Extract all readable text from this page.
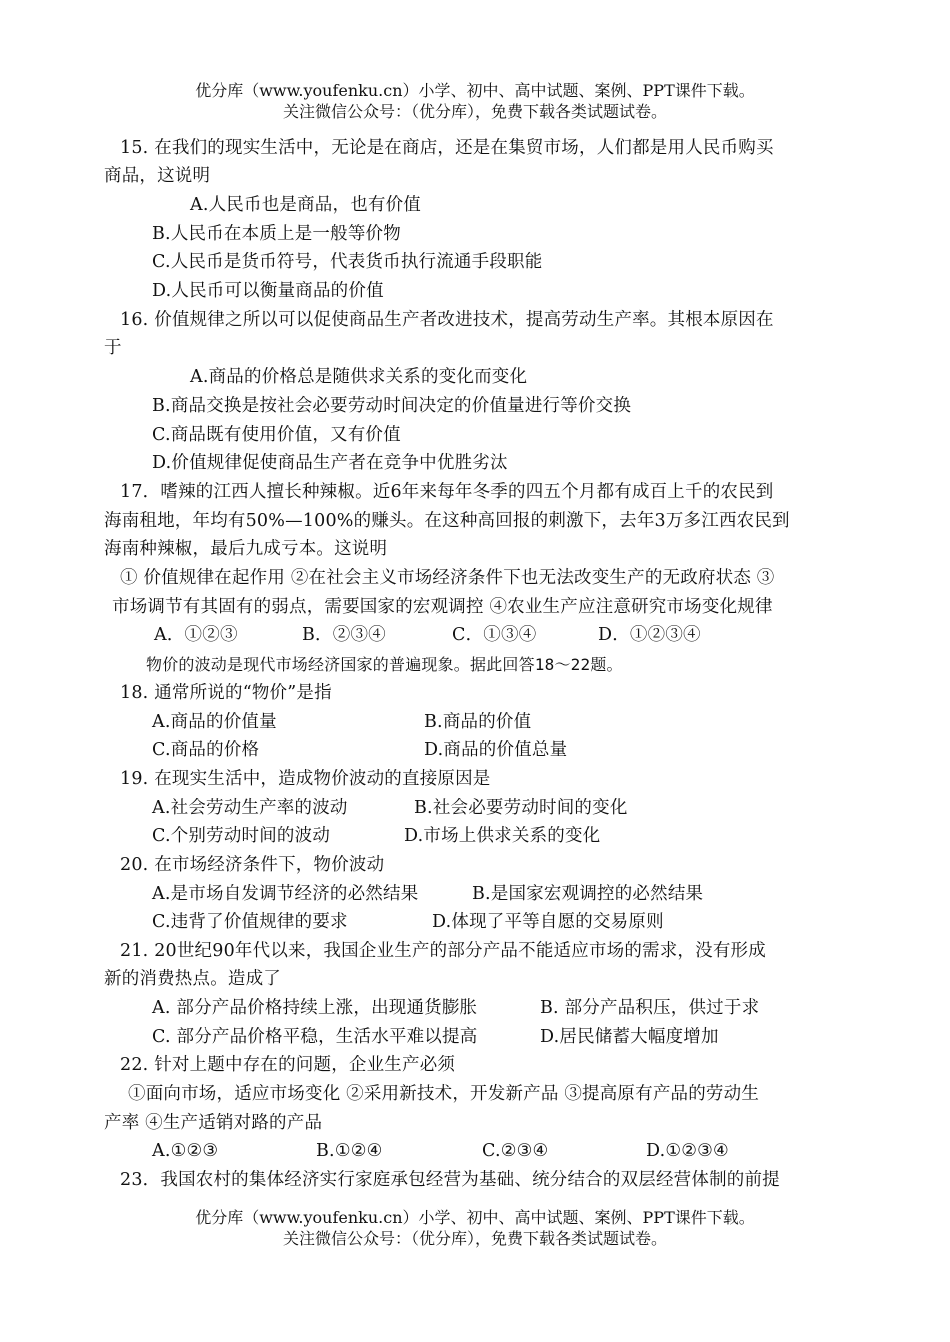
优分库（www.youfenku.cn）小学、初中、高中试题、案例、PPT课件下载。
关注微信公众号：（优分库），免费下载各类试题试卷。
15. 在我们的现实生活中，无论是在商店，还是在集贸市场，人们都是用人民币购买
商品，这说明
A.人民币也是商品，也有价值
B.人民币在本质上是一般等价物
C.人民币是货币符号，代表货币执行流通手段职能
D.人民币可以衡量商品的价值
16. 价值规律之所以可以促使商品生产者改进技术，提高劳动生产率。其根本原因在
于
A.商品的价格总是随供求关系的变化而变化
B.商品交换是按社会必要劳动时间决定的价值量进行等价交换
C.商品既有使用价值，又有价值
D.价值规律促使商品生产者在竞争中优胜劣汰
17．嗜辣的江西人擅长种辣椒。近6年来每年冬季的四五个月都有成百上千的农民到
海南租地，年均有50%—100%的赚头。在这种高回报的刺激下，去年3万多江西农民到
海南种辣椒，最后九成亏本。这说明
① 价值规律在起作用 ②在社会主义市场经济条件下也无法改变生产的无政府状态 ③
市场调节有其固有的弱点，需要国家的宏观调控 ④农业生产应注意研究市场变化规律
A．①②③	B．②③④	C．①③④	D．①②③④
物价的波动是现代市场经济国家的普遍现象。据此回答18～22题。
18. 通常所说的“物价”是指
A.商品的价值量	B.商品的价值
C.商品的价格	D.商品的价值总量
19. 在现实生活中，造成物价波动的直接原因是
A.社会劳动生产率的波动	B.社会必要劳动时间的变化
C.个别劳动时间的波动	D.市场上供求关系的变化
20. 在市场经济条件下，物价波动
A.是市场自发调节经济的必然结果	B.是国家宏观调控的必然结果
C.违背了价值规律的要求	D.体现了平等自愿的交易原则
21. 20世纪90年代以来，我国企业生产的部分产品不能适应市场的需求，没有形成
新的消费热点。造成了
A. 部分产品价格持续上涨，出现通货膨胀	B. 部分产品积压，供过于求
C. 部分产品价格平稳，生活水平难以提高	D.居民储蓄大幅度增加
22. 针对上题中存在的问题，企业生产必须
①面向市场，适应市场变化 ②采用新技术，开发新产品 ③提高原有产品的劳动生
产率 ④生产适销对路的产品
A.①②③	B.①②④	C.②③④	D.①②③④
23．我国农村的集体经济实行家庭承包经营为基础、统分结合的双层经营体制的前提
优分库（www.youfenku.cn）小学、初中、高中试题、案例、PPT课件下载。
关注微信公众号：（优分库），免费下载各类试题试卷。
